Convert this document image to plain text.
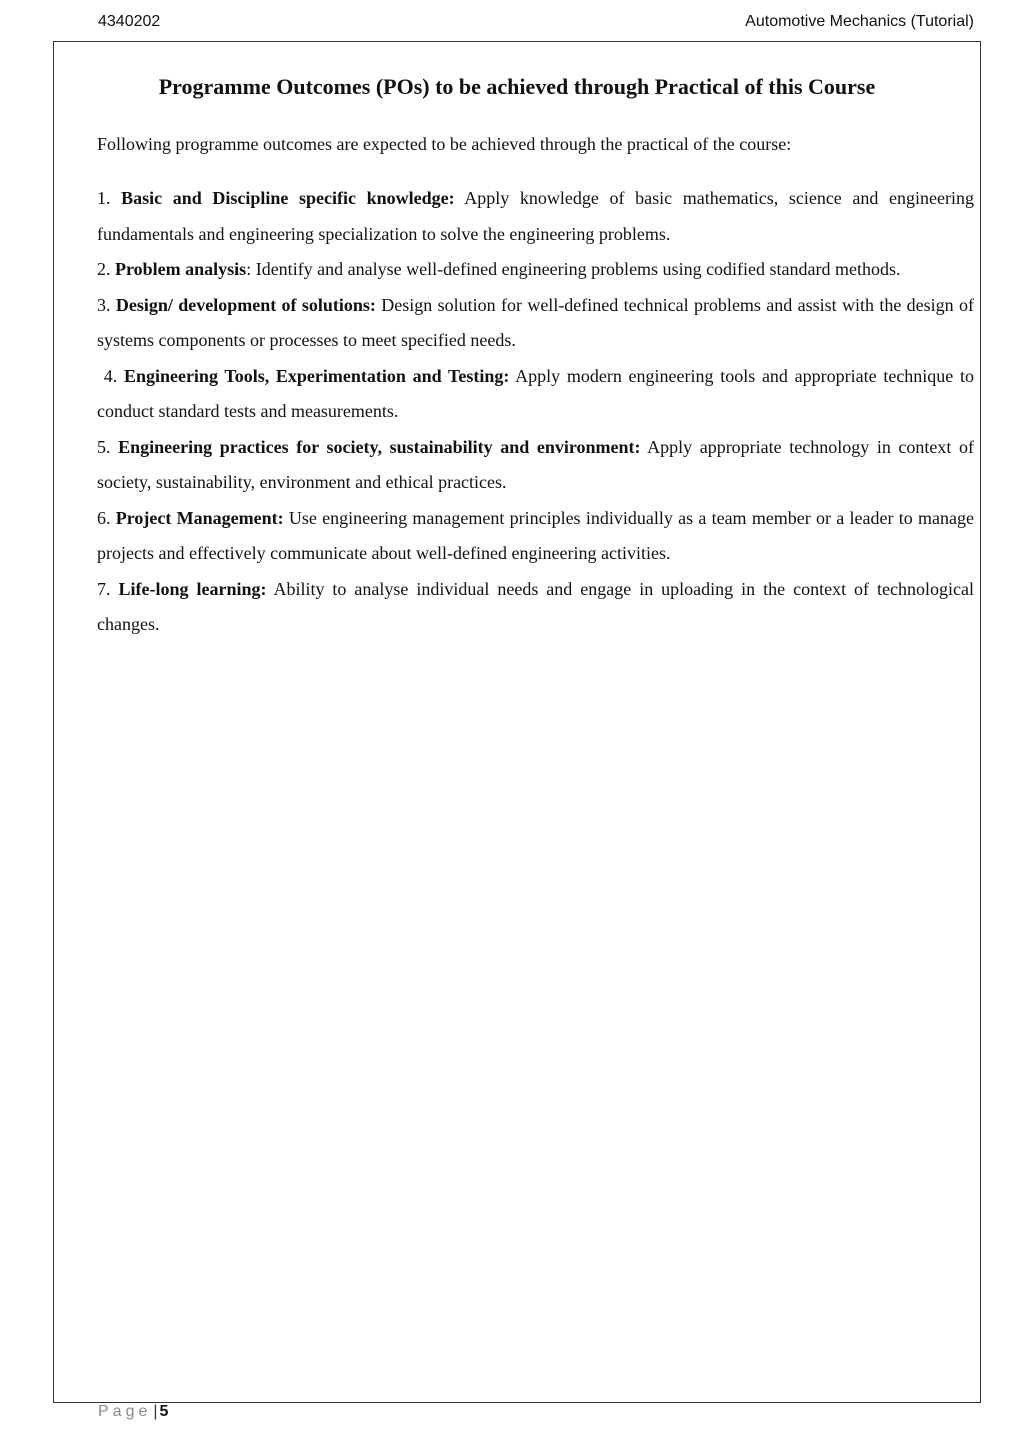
4340202	Automotive Mechanics (Tutorial)
Programme Outcomes (POs) to be achieved through Practical of this Course

Following programme outcomes are expected to be achieved through the practical of the course:

1. Basic and Discipline specific knowledge: Apply knowledge of basic mathematics, science and engineering fundamentals and engineering specialization to solve the engineering problems.
2. Problem analysis: Identify and analyse well-defined engineering problems using codified standard methods.
3. Design/ development of solutions: Design solution for well-defined technical problems and assist with the design of systems components or processes to meet specified needs.
4. Engineering Tools, Experimentation and Testing: Apply modern engineering tools and appropriate technique to conduct standard tests and measurements.
5. Engineering practices for society, sustainability and environment: Apply appropriate technology in context of society, sustainability, environment and ethical practices.
6. Project Management: Use engineering management principles individually as a team member or a leader to manage projects and effectively communicate about well-defined engineering activities.
7. Life-long learning: Ability to analyse individual needs and engage in uploading in the context of technological changes.
Page | 5
